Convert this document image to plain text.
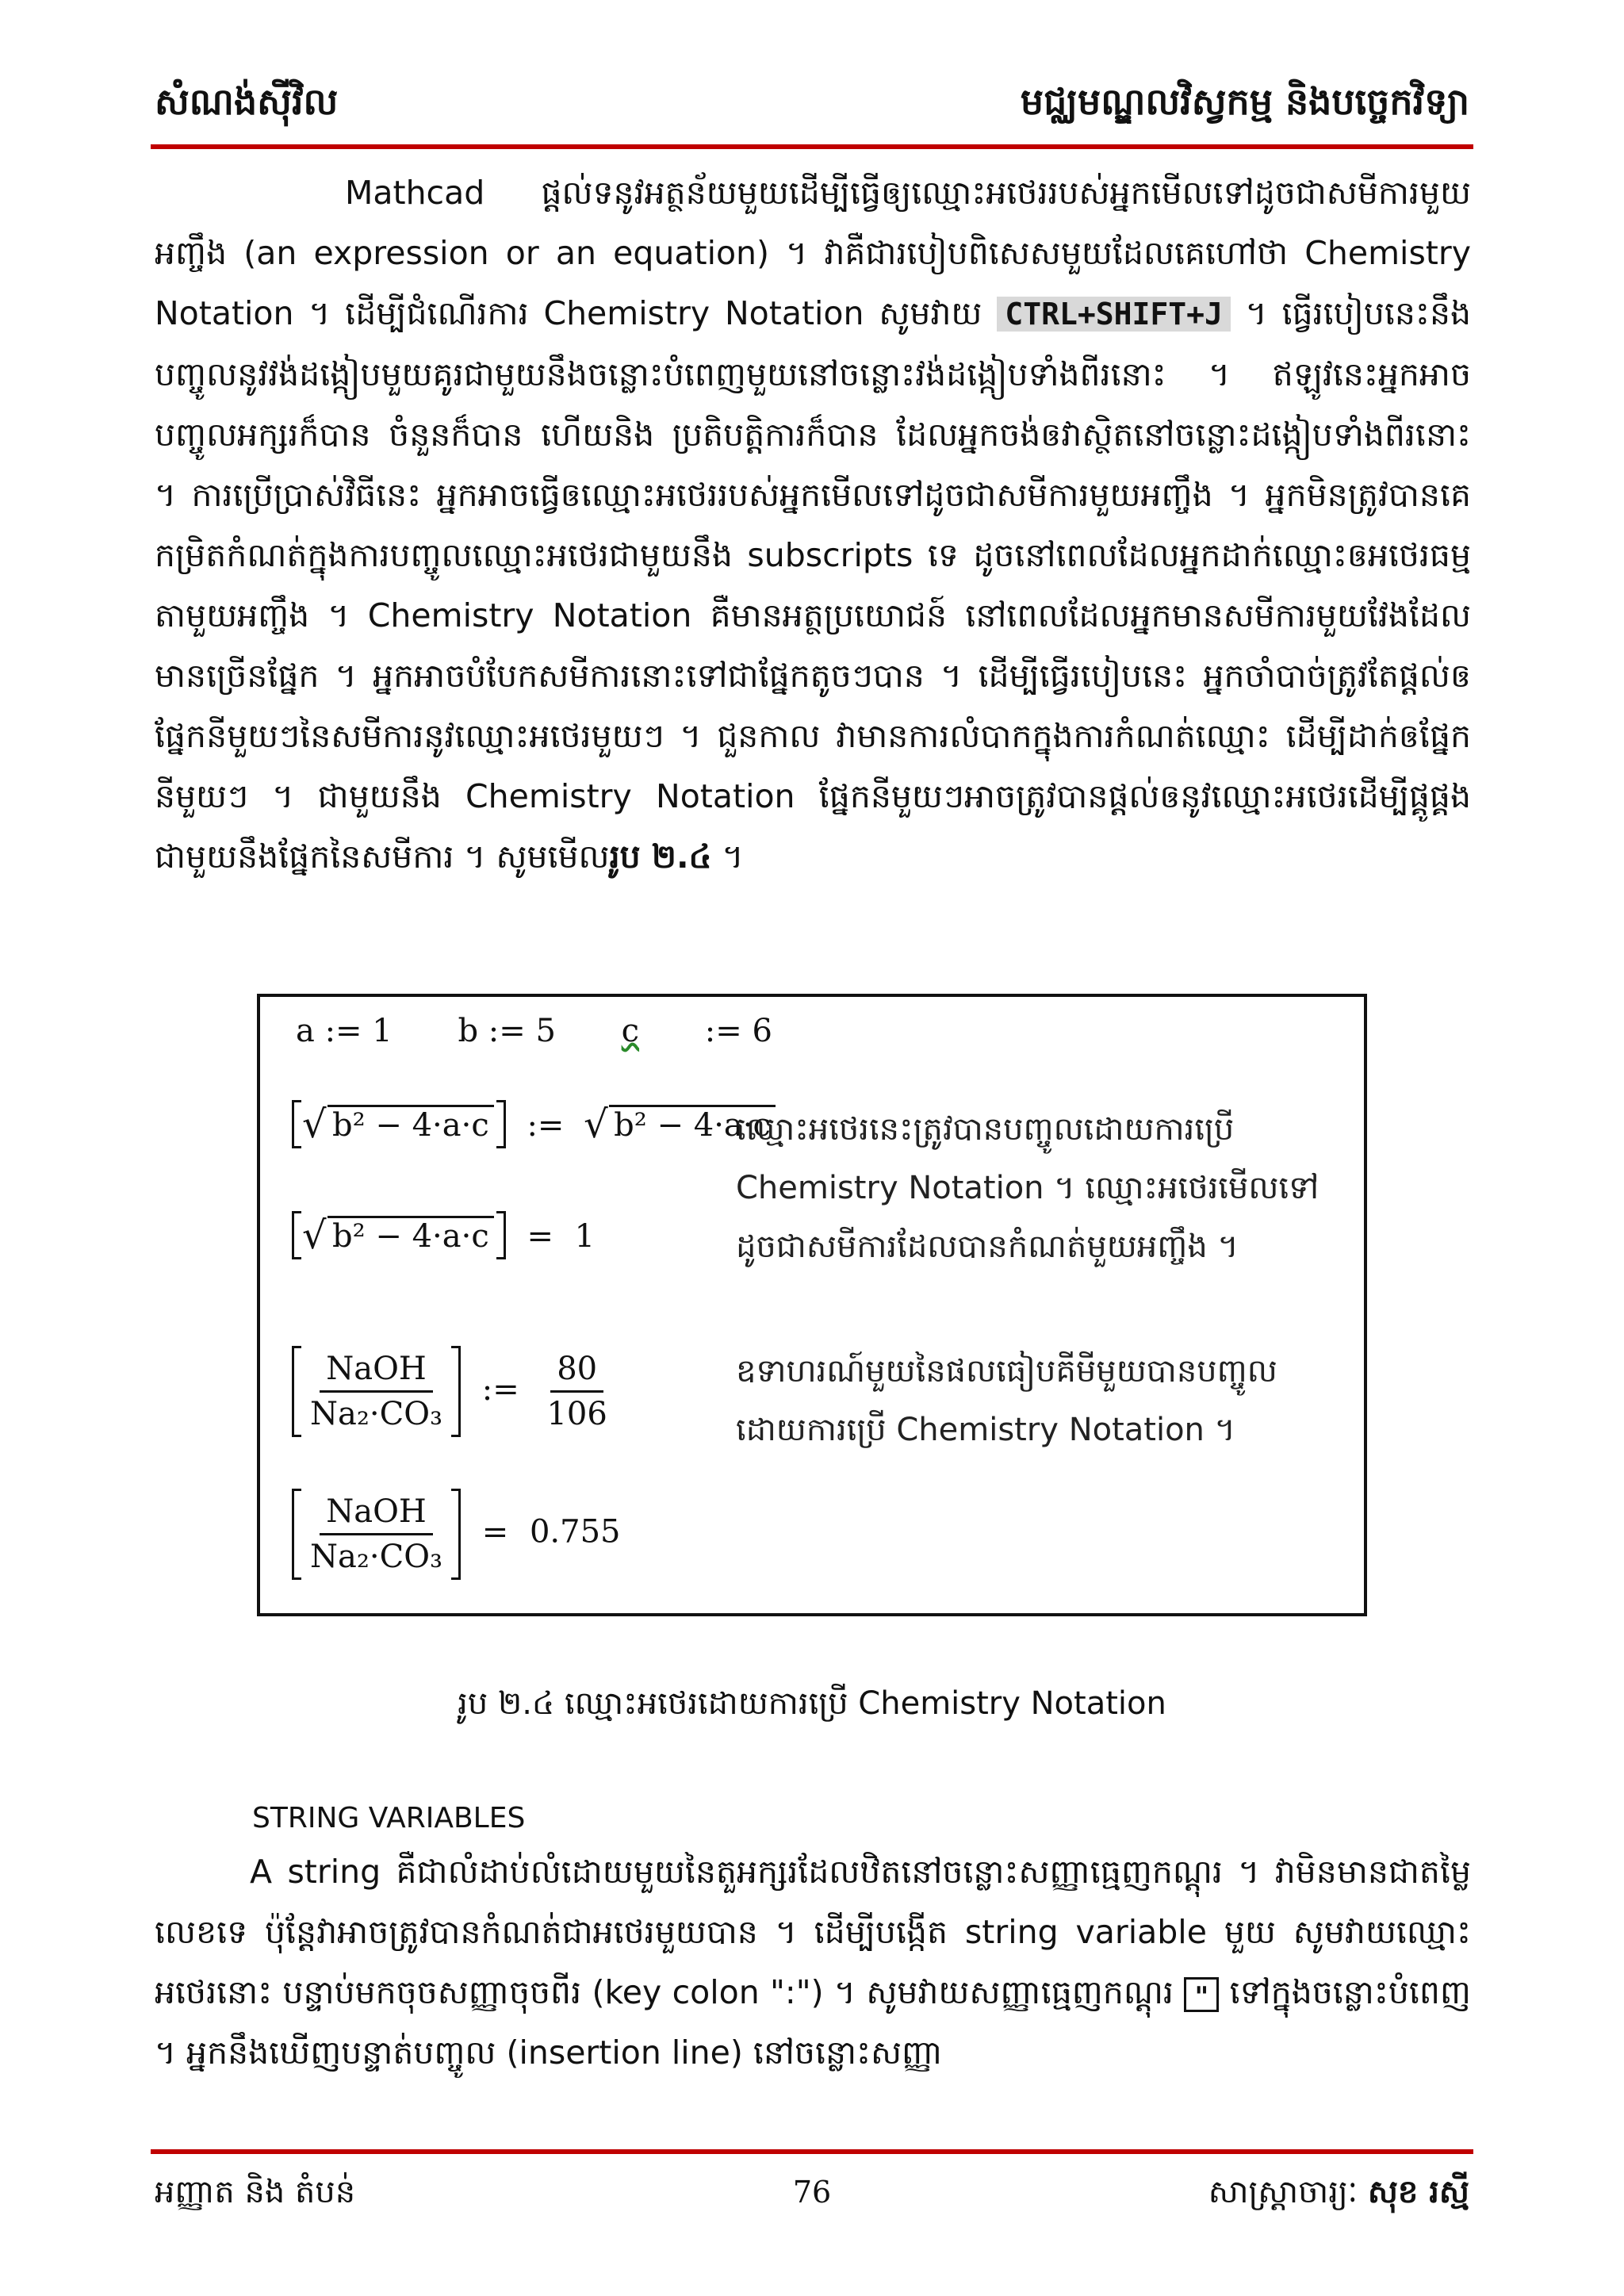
សំណង់ស៊ីវិល	មជ្ឈមណ្ឌលវិស្វកម្ម និងបច្ចេកវិទ្យា
Mathcad ផ្តល់ទនូវអត្ថន័យមួយដើម្បីធ្វើឲ្យឈ្មោះអថេររបស់អ្នកមើលទៅដូចជាសមីការមួយអញ្ចឹង (an expression or an equation) ។ វាគឺជារបៀបពិសេសមួយដែលគេហៅថា Chemistry Notation ។ ដើម្បីជំណើរការ Chemistry Notation សូមវាយ CTRL+SHIFT+J ។ ធ្វើរបៀបនេះនឹងបញ្ចូលនូវវង់ដង្កៀបមួយគូរជាមួយនឹងចន្លោះបំពេញមួយនៅចន្លោះវង់ដង្កៀបទាំងពីរនោះ ។ ឥឡូវនេះអ្នកអាចបញ្ចូលអក្សរក៏បាន ចំនួនក៏បាន ហើយនិង ប្រតិបត្តិការក៏បាន ដែលអ្នកចង់ឲវាស្ថិតនៅចន្លោះដង្កៀបទាំងពីរនោះ ។ ការប្រើប្រាស់វិធីនេះ អ្នកអាចធ្វើឲឈ្មោះអថេររបស់អ្នកមើលទៅដូចជាសមីការមួយអញ្ចឹង ។ អ្នកមិនត្រូវបានគេកម្រិតកំណត់ក្នុងការបញ្ចូលឈ្មោះអថេរជាមួយនឹង subscripts ទេ ដូចនៅពេលដែលអ្នកដាក់ឈ្មោះឲអថេរធម្មតាមួយអញ្ចឹង ។ Chemistry Notation គឺមានអត្ថប្រយោជន៍ នៅពេលដែលអ្នកមានសមីការមួយវែងដែលមានច្រើនផ្នែក ។ អ្នកអាចបំបែកសមីការនោះទៅជាផ្នែកតូចៗបាន ។ ដើម្បីធ្វើរបៀបនេះ អ្នកចាំបាច់ត្រូវតែផ្តល់ឲផ្នែកនីមួយៗនៃសមីការនូវឈ្មោះអថេរមួយៗ ។ ជួនកាល វាមានការលំបាកក្នុងការកំណត់ឈ្មោះ ដើម្បីដាក់ឲផ្នែកនីមួយៗ ។ ជាមួយនឹង Chemistry Notation ផ្នែកនីមួយៗអាចត្រូវបានផ្តល់ឲនូវឈ្មោះអថេរដើម្បីផ្គូផ្គងជាមួយនឹងផ្នែកនៃសមីការ ។ សូមមើលរូប ២.៤ ។
a := 1 b := 5 c := 6
√ b² − 4·a·c := √ b² − 4·a·c
√ b² − 4·a·c = 1
$\frac{\text{NaOH}}{\text{Na₂·CO₃}}$ := $\frac{80}{106}$
$\frac{\text{NaOH}}{\text{Na₂·CO₃}} = 0.755$
ឈ្មោះអថេរនេះត្រូវបានបញ្ចូលដោយការប្រើ Chemistry Notation ។ ឈ្មោះអថេរមើលទៅដូចជាសមីការដែលបានកំណត់មួយអញ្ចឹង ។
ឧទាហរណ៍មួយនៃផលធៀបគីមីមួយបានបញ្ចូលដោយការប្រើ Chemistry Notation ។
រូប ២.៤ ឈ្មោះអថេរដោយការប្រើ Chemistry Notation
STRING VARIABLES
A string គឺជាលំដាប់លំដោយមួយនៃតួអក្សរដែលឋិតនៅចន្លោះសញ្ញាធ្មេញកណ្តុរ ។ វាមិនមានជាតម្លៃលេខទេ ប៉ុន្តែវាអាចត្រូវបានកំណត់ជាអថេរមួយបាន ។ ដើម្បីបង្កើត string variable មួយ សូមវាយឈ្មោះអថេរនោះ បន្ទាប់មកចុចសញ្ញាចុចពីរ (key colon ":") ។ សូមវាយសញ្ញាធ្មេញកណ្តុរ " ទៅក្នុងចន្លោះបំពេញ ។ អ្នកនឹងឃើញបន្ទាត់បញ្ចូល (insertion line) នៅចន្លោះសញ្ញា
អញ្ញាត និង តំបន់	76	សាស្ត្រាចារ្យៈ សុខ រស្មី
